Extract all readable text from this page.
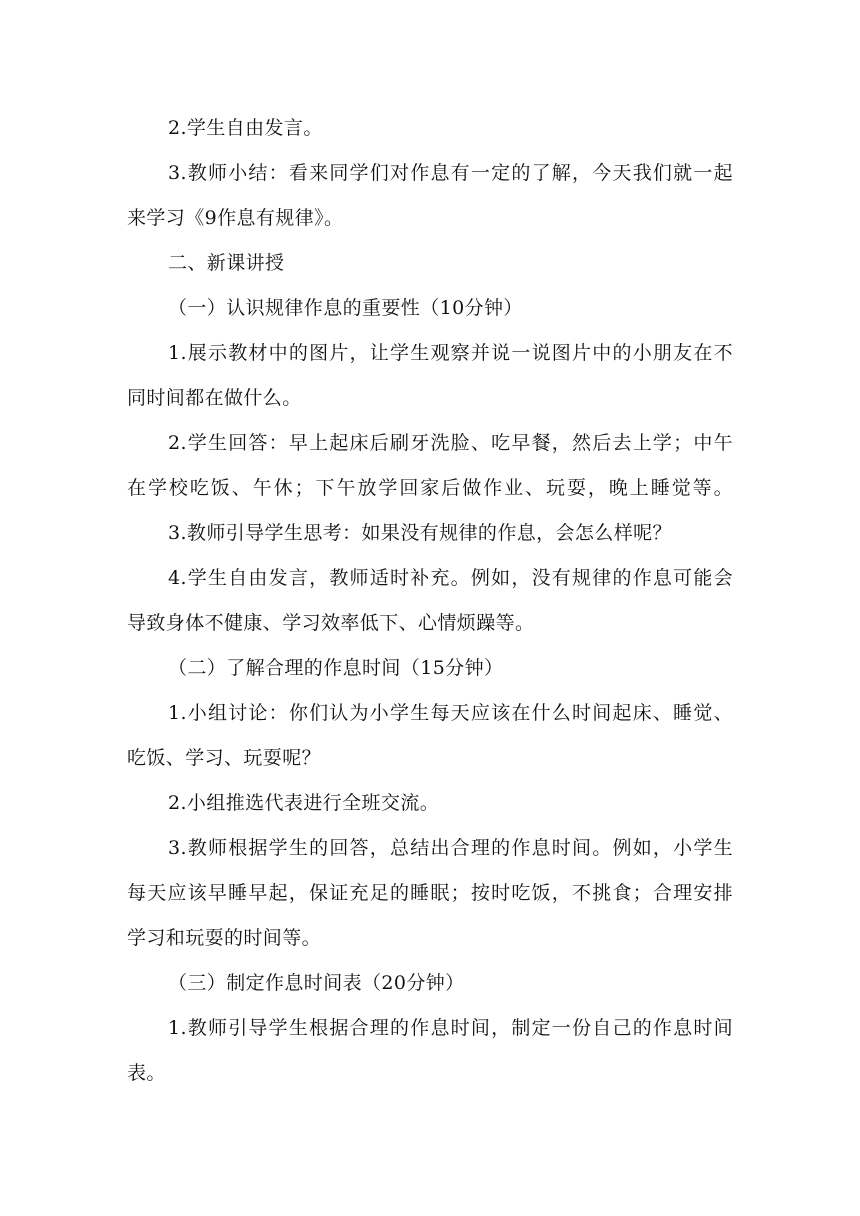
2.学生自由发言。
3.教师小结：看来同学们对作息有一定的了解，今天我们就一起
来学习《9作息有规律》。
二、新课讲授
（一）认识规律作息的重要性（10分钟）
1.展示教材中的图片，让学生观察并说一说图片中的小朋友在不
同时间都在做什么。
2.学生回答：早上起床后刷牙洗脸、吃早餐，然后去上学；中午
在学校吃饭、午休；下午放学回家后做作业、玩耍，晚上睡觉等。
3.教师引导学生思考：如果没有规律的作息，会怎么样呢？
4.学生自由发言，教师适时补充。例如，没有规律的作息可能会
导致身体不健康、学习效率低下、心情烦躁等。
（二）了解合理的作息时间（15分钟）
1.小组讨论：你们认为小学生每天应该在什么时间起床、睡觉、
吃饭、学习、玩耍呢？
2.小组推选代表进行全班交流。
3.教师根据学生的回答，总结出合理的作息时间。例如，小学生
每天应该早睡早起，保证充足的睡眠；按时吃饭，不挑食；合理安排
学习和玩耍的时间等。
（三）制定作息时间表（20分钟）
1.教师引导学生根据合理的作息时间，制定一份自己的作息时间
表。
